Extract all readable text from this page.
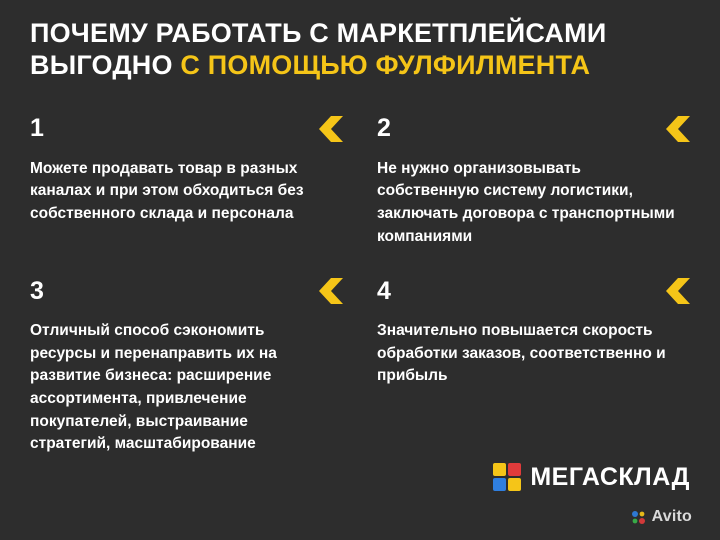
ПОЧЕМУ РАБОТАТЬ С МАРКЕТПЛЕЙСАМИ
ВЫГОДНО С ПОМОЩЬЮ ФУЛФИЛМЕНТА
1

Можете продавать товар в разных каналах и при этом обходиться без собственного склада и персонала

2

Не нужно организовывать собственную систему логистики, заключать договора с транспортными компаниями

3

Отличный способ сэкономить ресурсы и перенаправить их на развитие бизнеса: расширение ассортимента, привлечение покупателей, выстраивание стратегий, масштабирование

4

Значительно повышается скорость обработки заказов, соответственно и прибыль

МЕГАСКЛАД
Avito
